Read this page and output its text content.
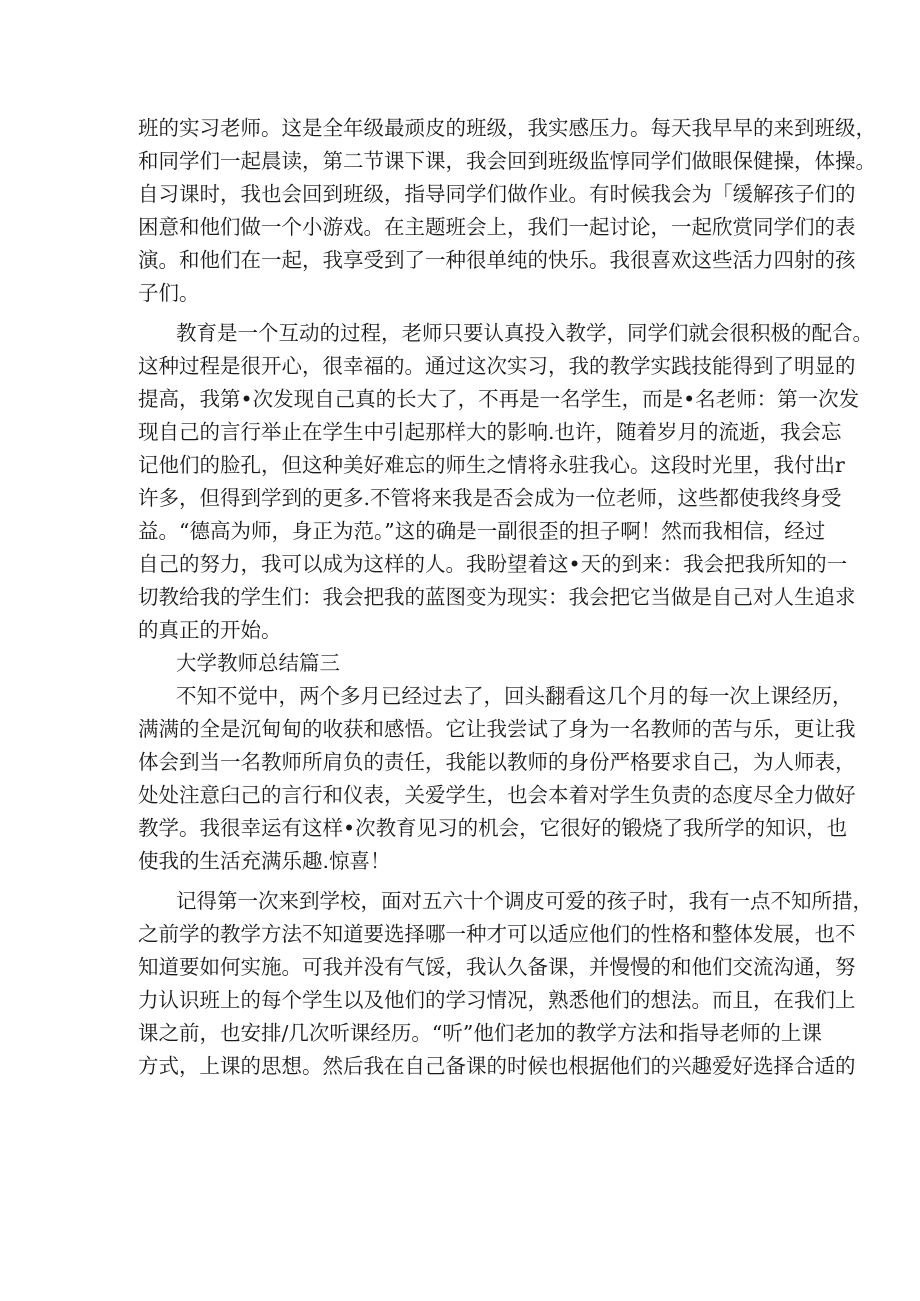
班的实习老师。这是全年级最顽皮的班级，我实感压力。每天我早早的来到班级，
和同学们一起晨读，第二节课下课，我会回到班级监惇同学们做眼保健操，体操。
自习课时，我也会回到班级，指导同学们做作业。有时候我会为「缓解孩子们的
困意和他们做一个小游戏。在主题班会上，我们一起讨论，一起欣赏同学们的表
演。和他们在一起，我享受到了一种很单纯的快乐。我很喜欢这些活力四射的孩
子们。
教育是一个互动的过程，老师只要认真投入教学，同学们就会很积极的配合。
这种过程是很开心，很幸福的。通过这次实习，我的教学实践技能得到了明显的
提高，我第•次发现自己真的长大了，不再是一名学生，而是•名老师：第一次发
现自己的言行举止在学生中引起那样大的影响.也许，随着岁月的流逝，我会忘
记他们的脸孔，但这种美好难忘的师生之情将永驻我心。这段时光里，我付出r
许多，但得到学到的更多.不管将来我是否会成为一位老师，这些都使我终身受
益。“德高为师，身正为范。”这的确是一副很歪的担子啊！然而我相信，经过
自己的努力，我可以成为这样的人。我盼望着这•天的到来：我会把我所知的一
切教给我的学生们：我会把我的蓝图变为现实：我会把它当做是自己对人生追求
的真正的开始。
大学教师总结篇三
不知不觉中，两个多月已经过去了，回头翻看这几个月的每一次上课经历，
满满的全是沉甸甸的收获和感悟。它让我尝试了身为一名教师的苦与乐，更让我
体会到当一名教师所肩负的责任，我能以教师的身份严格要求自己，为人师表，
处处注意臼己的言行和仪表，关爱学生，也会本着对学生负责的态度尽全力做好
教学。我很幸运有这样•次教育见习的机会，它很好的锻烧了我所学的知识，也
使我的生活充满乐趣.惊喜！
记得第一次来到学校，面对五六十个调皮可爱的孩子时，我有一点不知所措，
之前学的教学方法不知道要选择哪一种才可以适应他们的性格和整体发展，也不
知道要如何实施。可我并没有气馁，我认久备课，并慢慢的和他们交流沟通，努
力认识班上的每个学生以及他们的学习情况，熟悉他们的想法。而且，在我们上
课之前，也安排/几次听课经历。“听”他们老加的教学方法和指导老师的上课
方式，上课的思想。然后我在自己备课的时候也根据他们的兴趣爱好选择合适的
